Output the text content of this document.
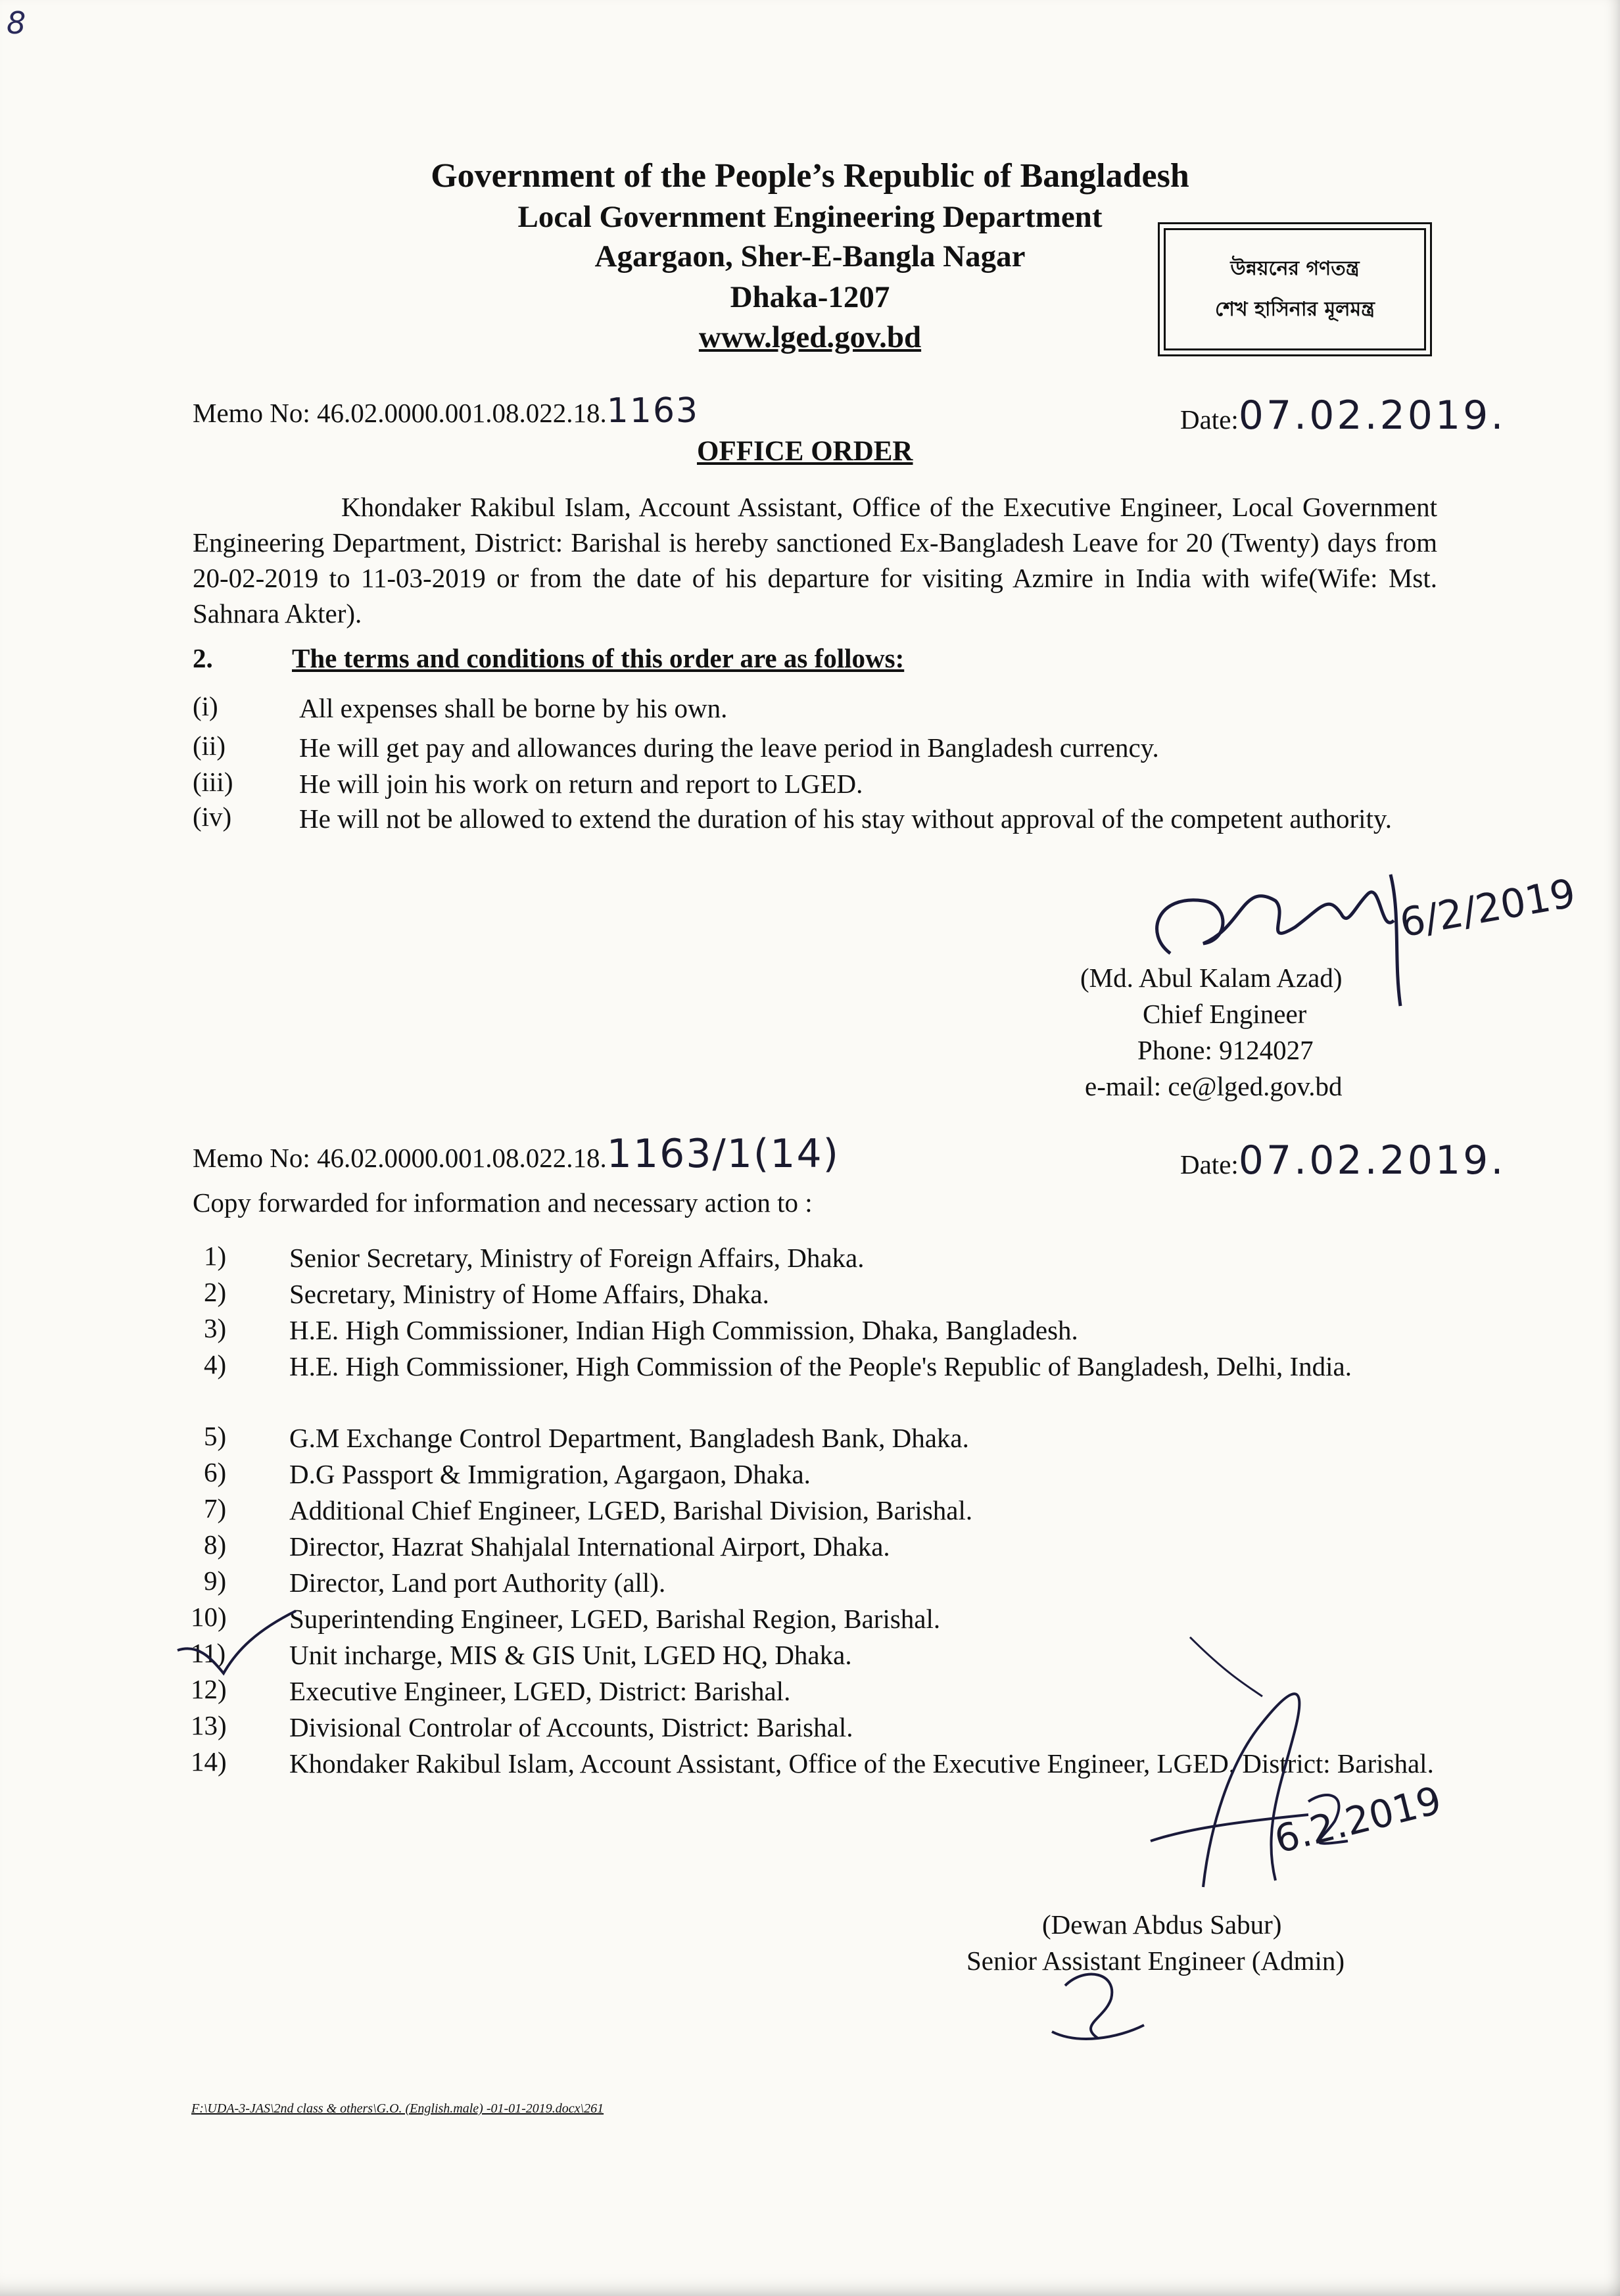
8
Government of the People’s Republic of Bangladesh
Local Government Engineering Department
Agargaon, Sher-E-Bangla Nagar
Dhaka-1207
www.lged.gov.bd
উন্নয়নের গণতন্ত্র
শেখ হাসিনার মূলমন্ত্র
Memo No: 46.02.0000.001.08.022.18.1163	Date:07.02.2019.
OFFICE ORDER
Khondaker Rakibul Islam, Account Assistant, Office of the Executive Engineer, Local Government Engineering Department, District: Barishal is hereby sanctioned Ex-Bangladesh Leave for 20 (Twenty) days from 20-02-2019 to 11-03-2019 or from the date of his departure for visiting Azmire in India with wife(Wife: Mst. Sahnara Akter).
2.	The terms and conditions of this order are as follows:
(i)	All expenses shall be borne by his own.
(ii)	He will get pay and allowances during the leave period in Bangladesh currency.
(iii) He will join his work on return and report to LGED.
(iv)	He will not be allowed to extend the duration of his stay without approval of the competent authority.
6/2/2019
(Md. Abul Kalam Azad)
Chief Engineer
Phone: 9124027
e-mail: ce@lged.gov.bd
Memo No: 46.02.0000.001.08.022.18.1163/1(14)	Date:07.02.2019.
Copy forwarded for information and necessary action to :
1) Senior Secretary, Ministry of Foreign Affairs, Dhaka.
2) Secretary, Ministry of Home Affairs, Dhaka.
3) H.E. High Commissioner, Indian High Commission, Dhaka, Bangladesh.
4) H.E. High Commissioner, High Commission of the People's Republic of Bangladesh, Delhi, India.
5) G.M Exchange Control Department, Bangladesh Bank, Dhaka.
6) D.G Passport & Immigration, Agargaon, Dhaka.
7) Additional Chief Engineer, LGED, Barishal Division, Barishal.
8) Director, Hazrat Shahjalal International Airport, Dhaka.
9) Director, Land port Authority (all).
10) Superintending Engineer, LGED, Barishal Region, Barishal.
11) Unit incharge, MIS & GIS Unit, LGED HQ, Dhaka.
12) Executive Engineer, LGED, District: Barishal.
13) Divisional Controlar of Accounts, District: Barishal.
14) Khondaker Rakibul Islam, Account Assistant, Office of the Executive Engineer, LGED, District: Barishal.
6.2.2019
(Dewan Abdus Sabur)
Senior Assistant Engineer (Admin)
F:\UDA-3-JAS\2nd class & others\G.O. (English.male) -01-01-2019.docx\261
